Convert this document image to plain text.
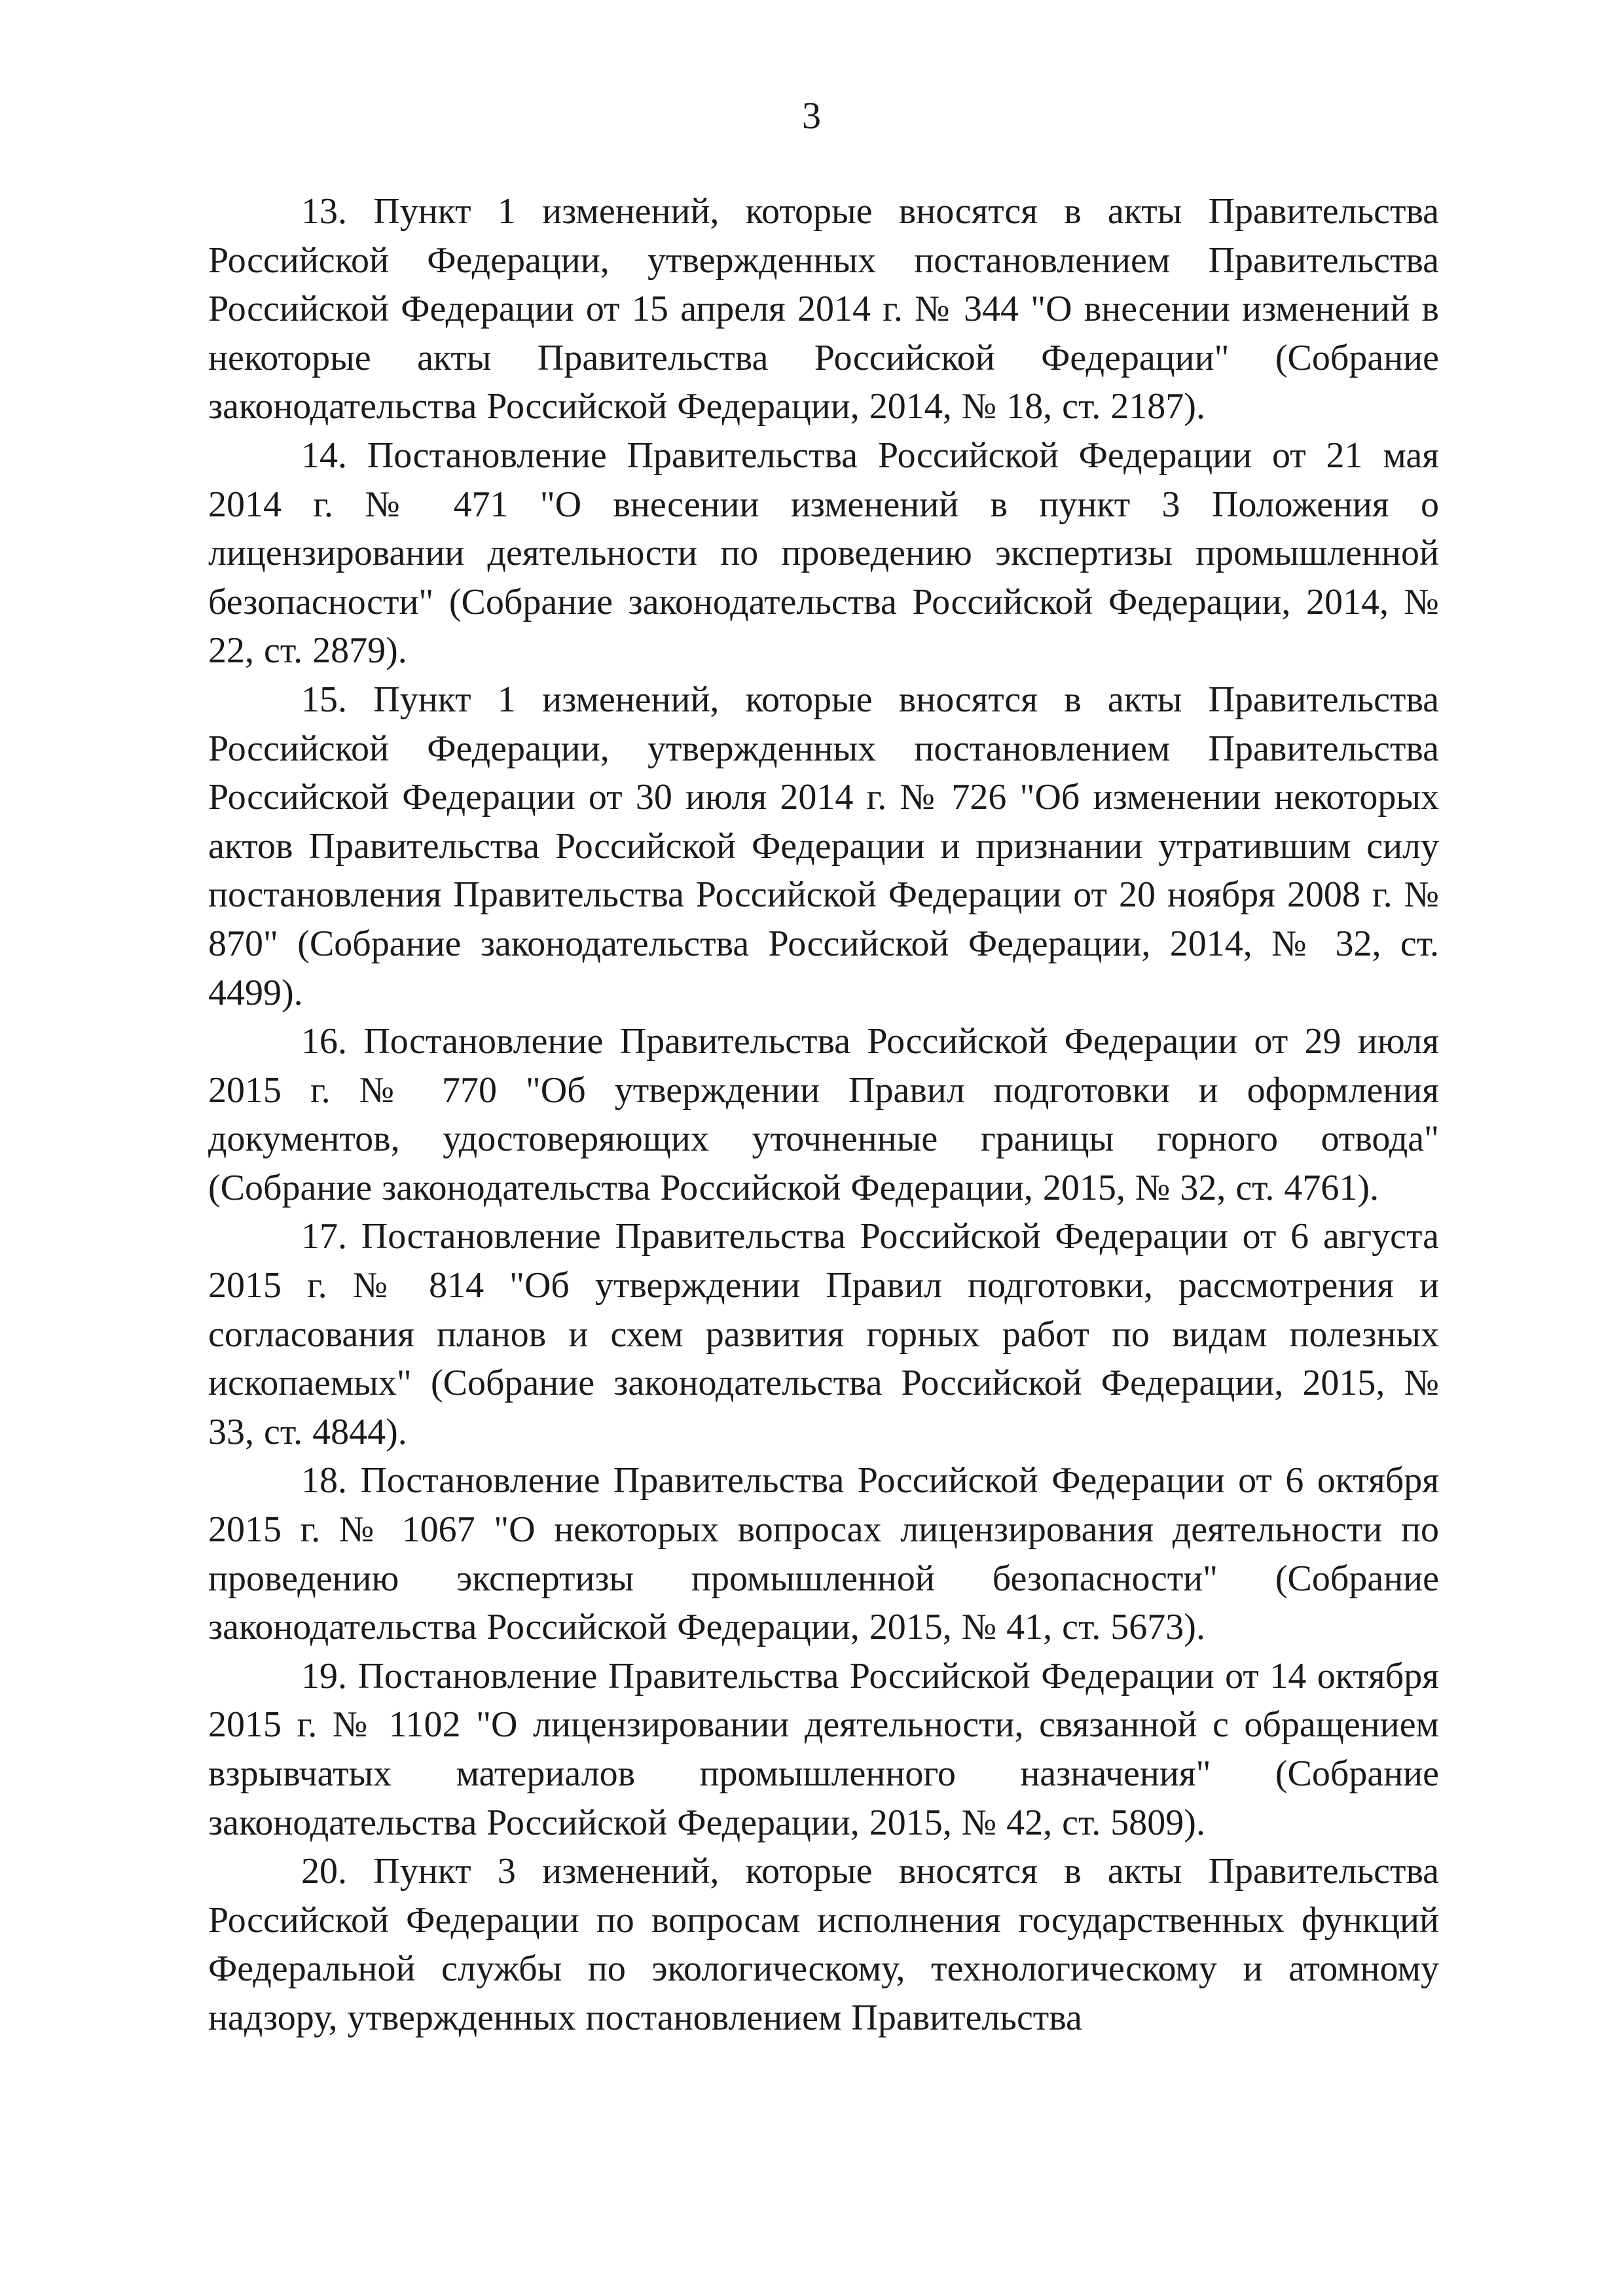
3

13. Пункт 1 изменений, которые вносятся в акты Правительства Российской Федерации, утвержденных постановлением Правительства Российской Федерации от 15 апреля 2014 г. № 344 "О внесении изменений в некоторые акты Правительства Российской Федерации" (Собрание законодательства Российской Федерации, 2014, № 18, ст. 2187).

14. Постановление Правительства Российской Федерации от 21 мая 2014 г. № 471 "О внесении изменений в пункт 3 Положения о лицензировании деятельности по проведению экспертизы промышленной безопасности" (Собрание законодательства Российской Федерации, 2014, № 22, ст. 2879).

15. Пункт 1 изменений, которые вносятся в акты Правительства Российской Федерации, утвержденных постановлением Правительства Российской Федерации от 30 июля 2014 г. № 726 "Об изменении некоторых актов Правительства Российской Федерации и признании утратившим силу постановления Правительства Российской Федерации от 20 ноября 2008 г. № 870" (Собрание законодательства Российской Федерации, 2014, № 32, ст. 4499).

16. Постановление Правительства Российской Федерации от 29 июля 2015 г. № 770 "Об утверждении Правил подготовки и оформления документов, удостоверяющих уточненные границы горного отвода" (Собрание законодательства Российской Федерации, 2015, № 32, ст. 4761).

17. Постановление Правительства Российской Федерации от 6 августа 2015 г. № 814 "Об утверждении Правил подготовки, рассмотрения и согласования планов и схем развития горных работ по видам полезных ископаемых" (Собрание законодательства Российской Федерации, 2015, № 33, ст. 4844).

18. Постановление Правительства Российской Федерации от 6 октября 2015 г. № 1067 "О некоторых вопросах лицензирования деятельности по проведению экспертизы промышленной безопасности" (Собрание законодательства Российской Федерации, 2015, № 41, ст. 5673).

19. Постановление Правительства Российской Федерации от 14 октября 2015 г. № 1102 "О лицензировании деятельности, связанной с обращением взрывчатых материалов промышленного назначения" (Собрание законодательства Российской Федерации, 2015, № 42, ст. 5809).

20. Пункт 3 изменений, которые вносятся в акты Правительства Российской Федерации по вопросам исполнения государственных функций Федеральной службы по экологическому, технологическому и атомному надзору, утвержденных постановлением Правительства
